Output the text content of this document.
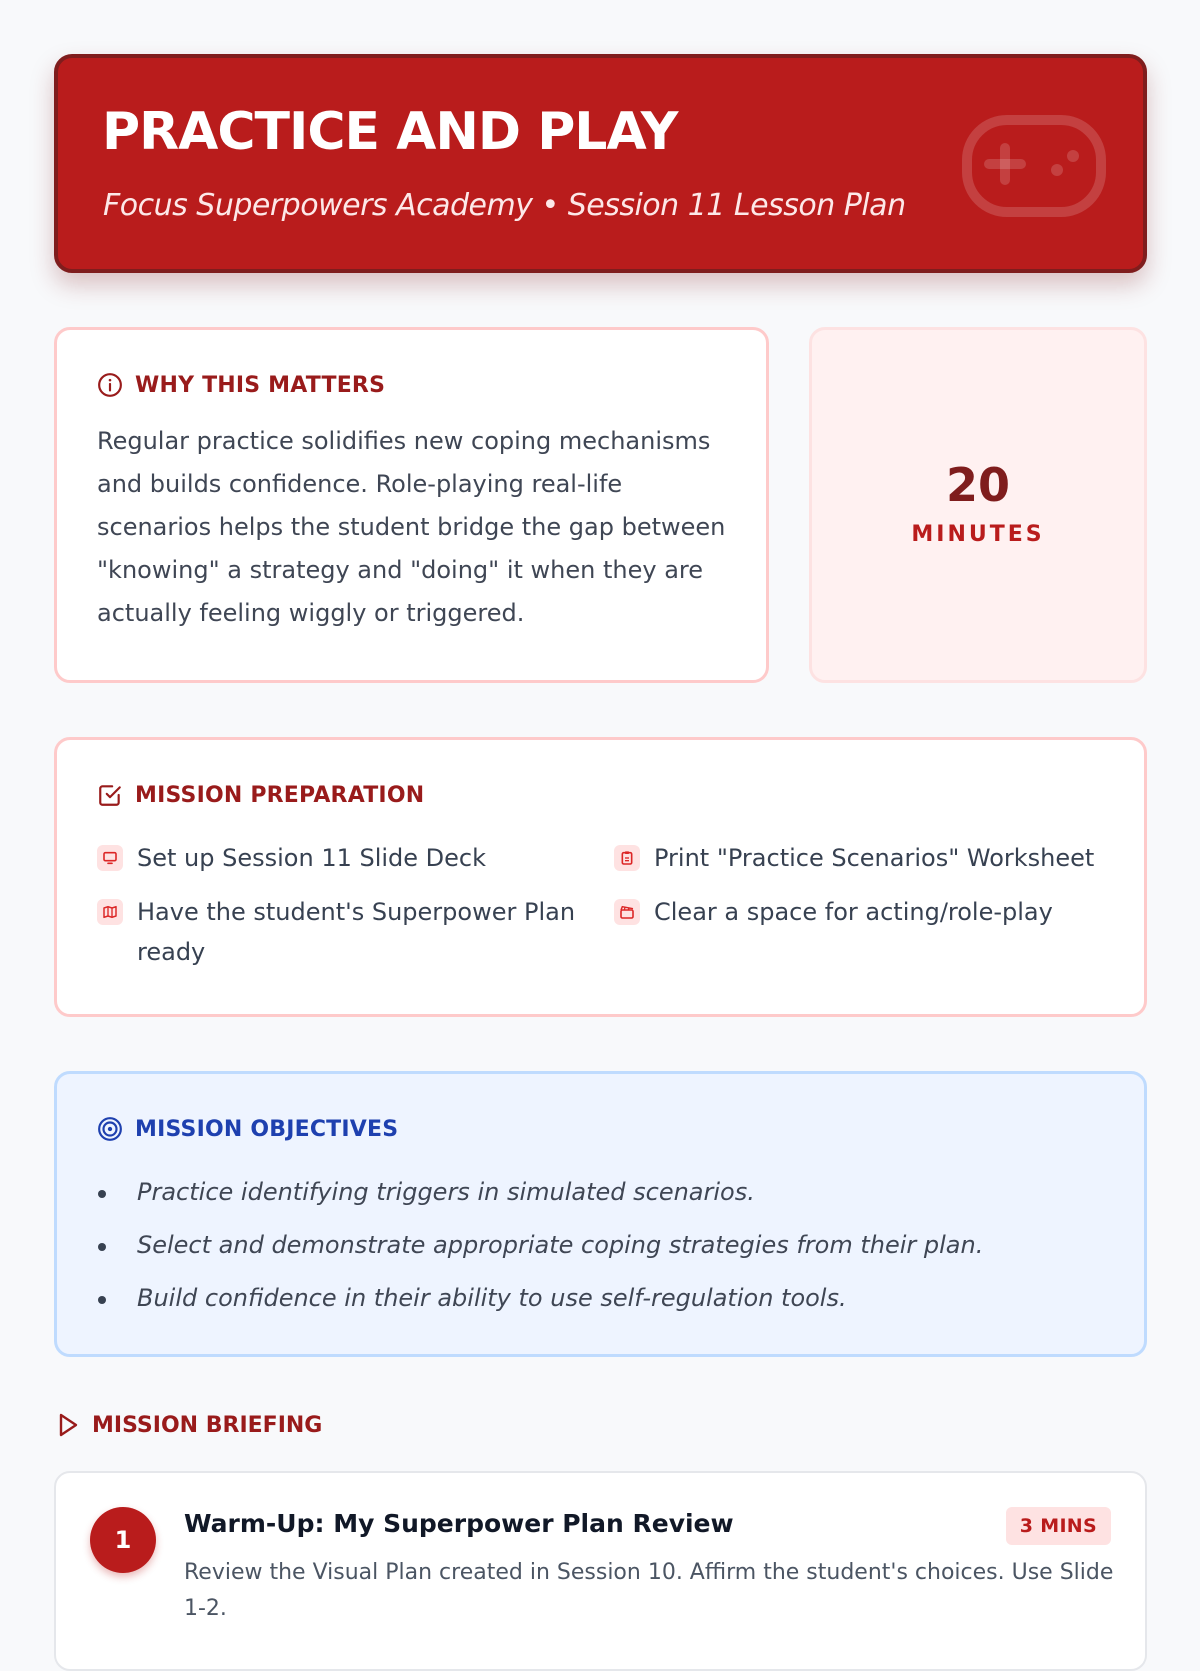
PRACTICE AND PLAY
Focus Superpowers Academy • Session 11 Lesson Plan
WHY THIS MATTERS

Regular practice solidifies new coping mechanisms and builds confidence. Role-playing real-life scenarios helps the student bridge the gap between "knowing" a strategy and "doing" it when they are actually feeling wiggly or triggered.

20
MINUTES
MISSION PREPARATION
Set up Session 11 Slide Deck	Print "Practice Scenarios" Worksheet
Have the student's Superpower Plan ready
Clear a space for acting/role-play
MISSION OBJECTIVES
Practice identifying triggers in simulated scenarios.
Select and demonstrate appropriate coping strategies from their plan.
Build confidence in their ability to use self-regulation tools.
MISSION BRIEFING
1
Warm-Up: My Superpower Plan Review	3 MINS

Review the Visual Plan created in Session 10. Affirm the student's choices. Use Slide 1-2.
